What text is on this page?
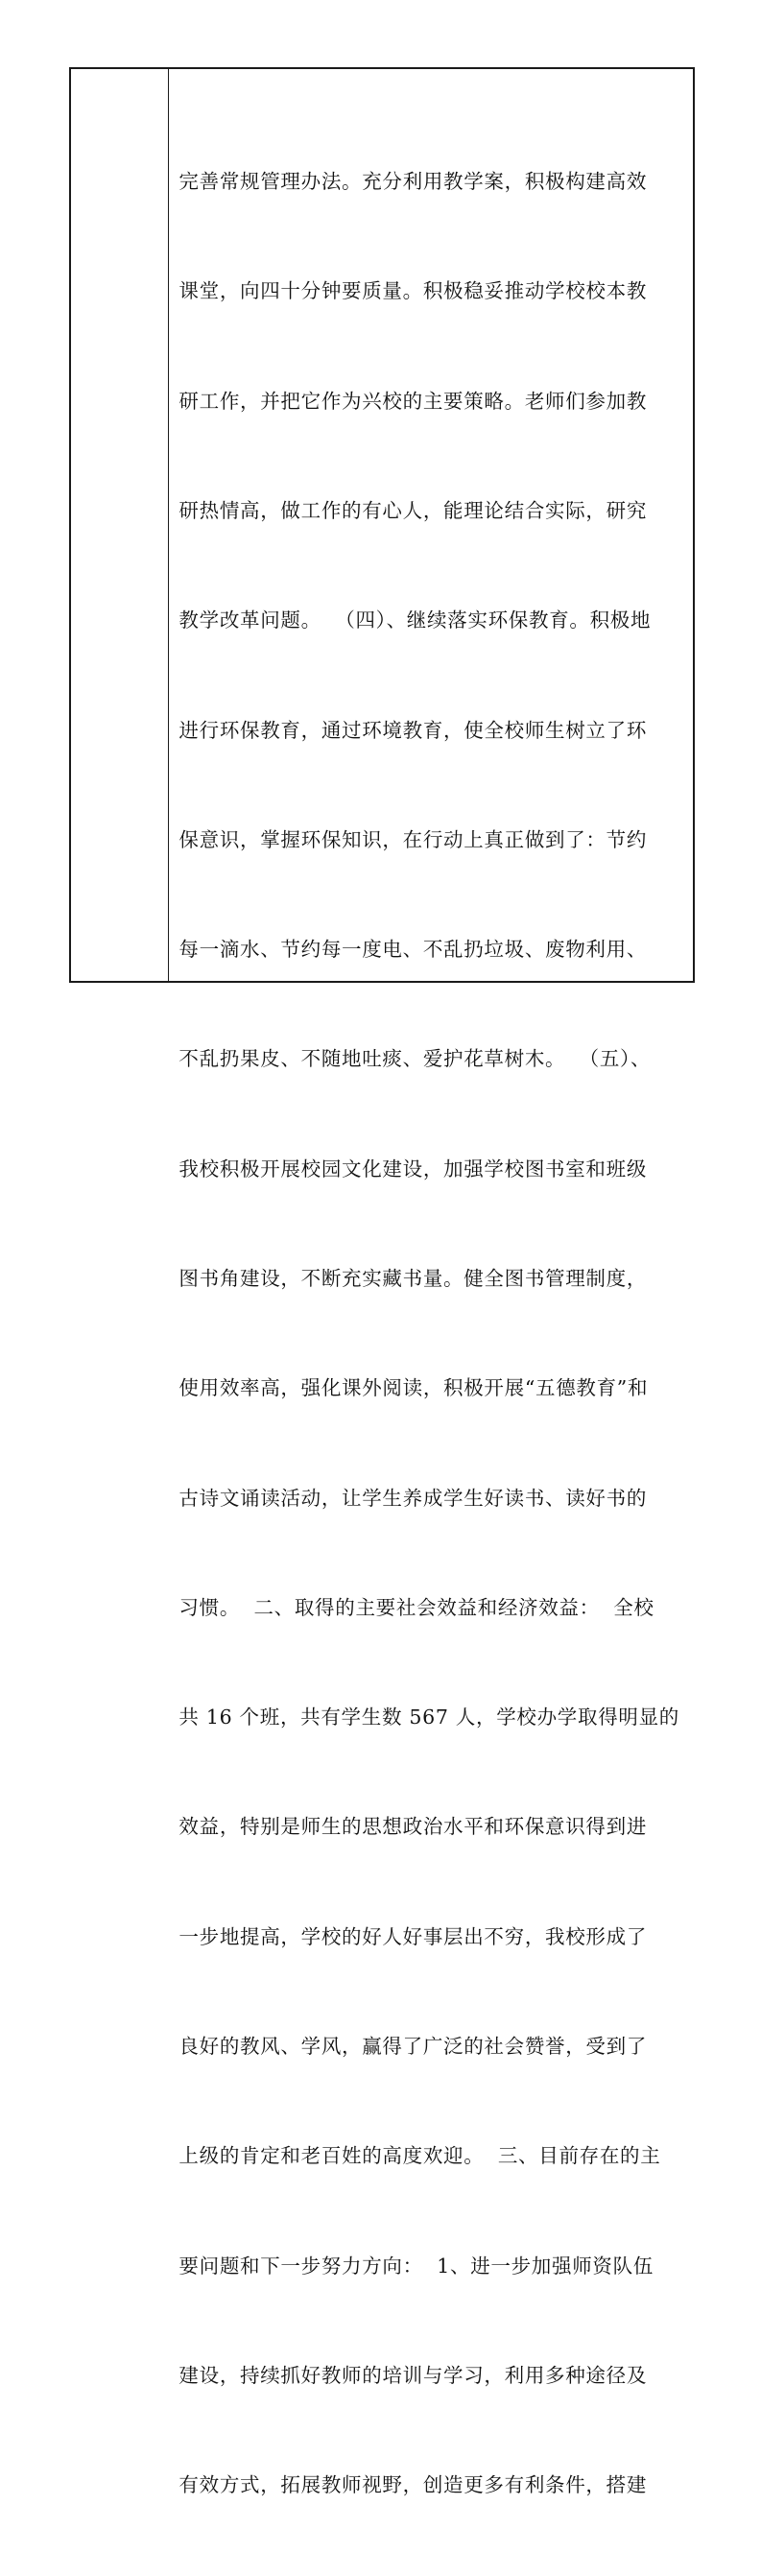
完善常规管理办法。充分利用教学案，积极构建高效

课堂，向四十分钟要质量。积极稳妥推动学校校本教

研工作，并把它作为兴校的主要策略。老师们参加教

研热情高，做工作的有心人，能理论结合实际，研究

教学改革问题。  （四）、继续落实环保教育。积极地

进行环保教育，通过环境教育，使全校师生树立了环

保意识，掌握环保知识，在行动上真正做到了：节约

每一滴水、节约每一度电、不乱扔垃圾、废物利用、

不乱扔果皮、不随地吐痰、爱护花草树木。  （五）、

我校积极开展校园文化建设，加强学校图书室和班级

图书角建设，不断充实藏书量。健全图书管理制度，

使用效率高，强化课外阅读，积极开展“五德教育”和

古诗文诵读活动，让学生养成学生好读书、读好书的

习惯。  二、取得的主要社会效益和经济效益：  全校

共 16 个班，共有学生数 567 人，学校办学取得明显的

效益，特别是师生的思想政治水平和环保意识得到进

一步地提高，学校的好人好事层出不穷，我校形成了

良好的教风、学风，赢得了广泛的社会赞誉，受到了

上级的肯定和老百姓的高度欢迎。  三、目前存在的主

要问题和下一步努力方向：  1、进一步加强师资队伍

建设，持续抓好教师的培训与学习，利用多种途径及

有效方式，拓展教师视野，创造更多有利条件，搭建
